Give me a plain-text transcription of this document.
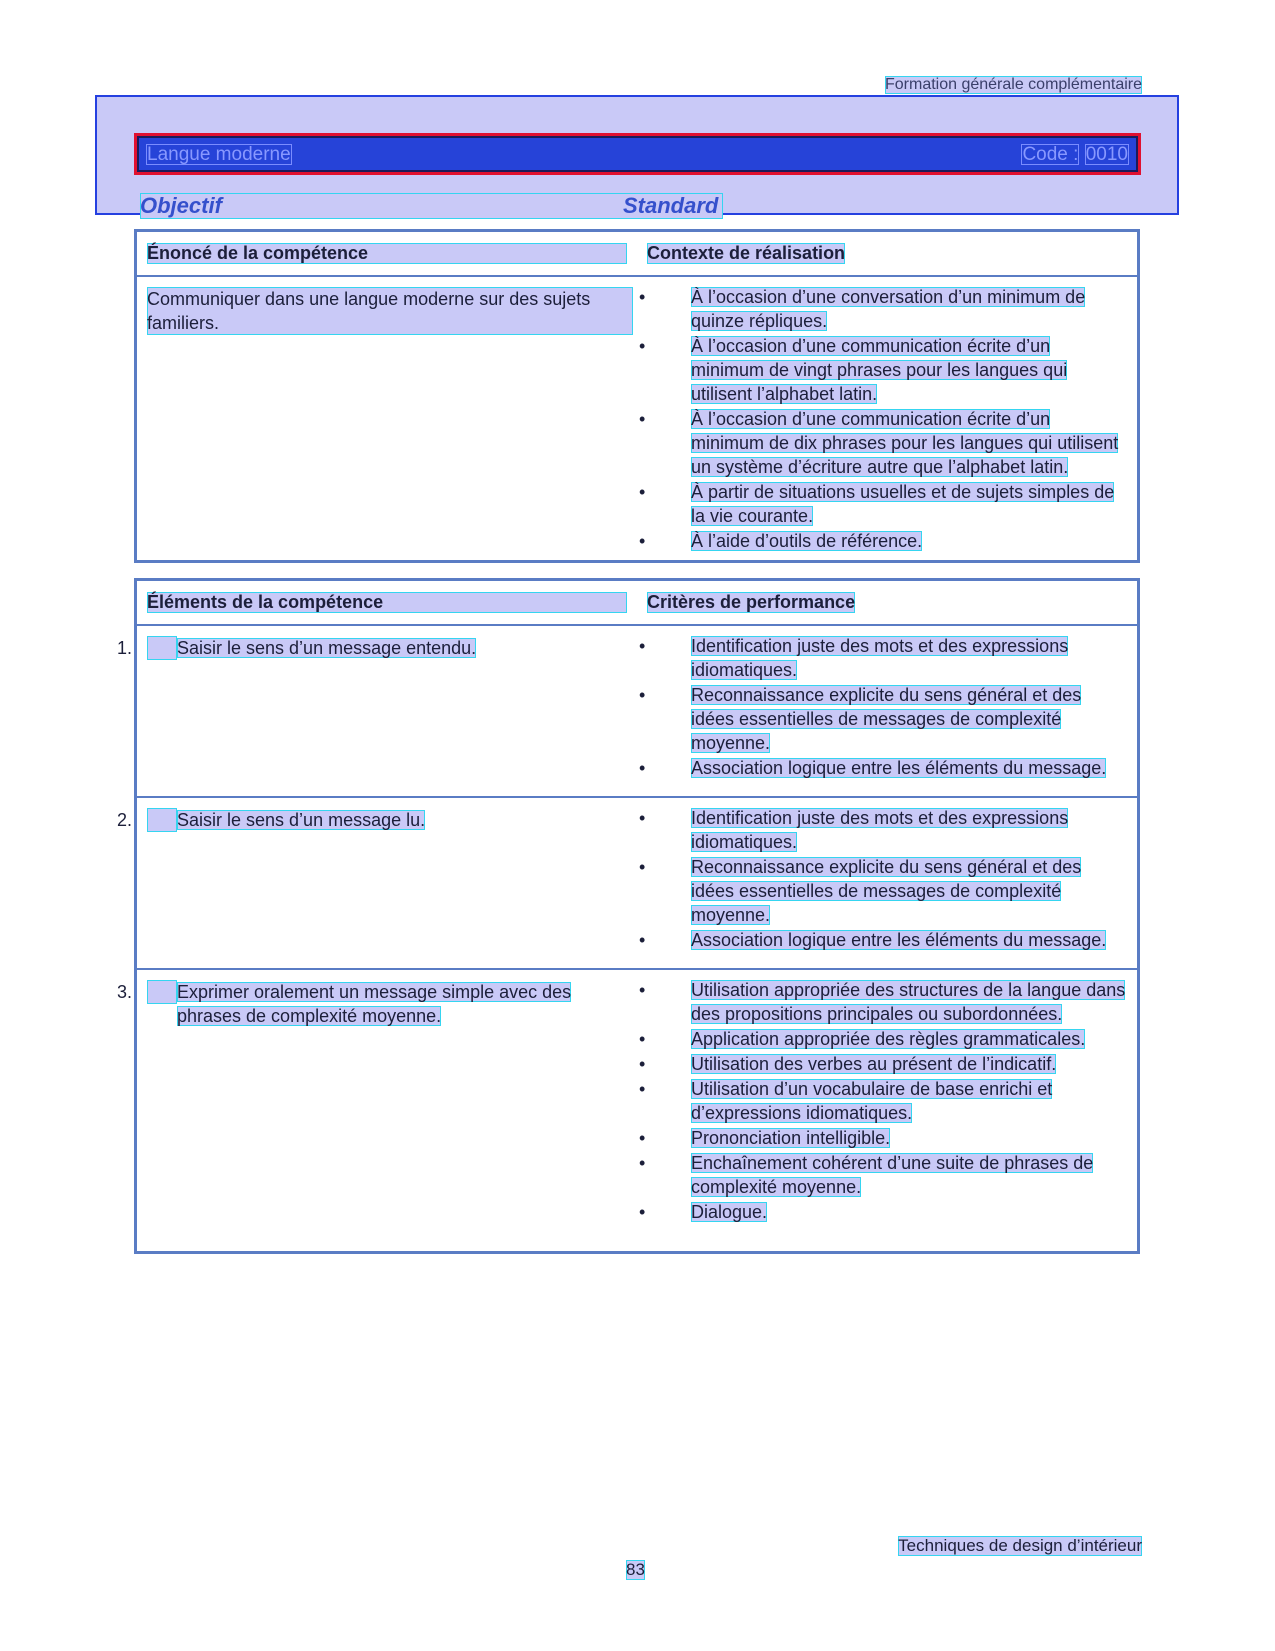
Formation générale complémentaire
Langue moderne	Code : 0010
Objectif	Standard
Énoncé de la compétence	Contexte de réalisation
Communiquer dans une langue moderne sur des sujets familiers.
•	À l’occasion d’une conversation d’un minimum de quinze répliques.
•	À l’occasion d’une communication écrite d’un minimum de vingt phrases pour les langues qui utilisent l’alphabet latin.
•	À l’occasion d’une communication écrite d’un minimum de dix phrases pour les langues qui utilisent un système d’écriture autre que l’alphabet latin.
•	À partir de situations usuelles et de sujets simples de la vie courante.
•	À l’aide d’outils de référence.
Éléments de la compétence	Critères de performance
1. Saisir le sens d’un message entendu.	•	Identification juste des mots et des expressions idiomatiques.
•	Reconnaissance explicite du sens général et des idées essentielles de messages de complexité moyenne.
•	Association logique entre les éléments du message.
2. Saisir le sens d’un message lu.	•	Identification juste des mots et des expressions idiomatiques.
•	Reconnaissance explicite du sens général et des idées essentielles de messages de complexité moyenne.
•	Association logique entre les éléments du message.
3. Exprimer oralement un message simple avec des phrases de complexité moyenne.
•	Utilisation appropriée des structures de la langue dans des propositions principales ou subordonnées.
•	Application appropriée des règles grammaticales.
•	Utilisation des verbes au présent de l’indicatif.
•	Utilisation d’un vocabulaire de base enrichi et d’expressions idiomatiques.
•	Prononciation intelligible.
•	Enchaînement cohérent d’une suite de phrases de complexité moyenne.
•	Dialogue.
Techniques de design d’intérieur
83
